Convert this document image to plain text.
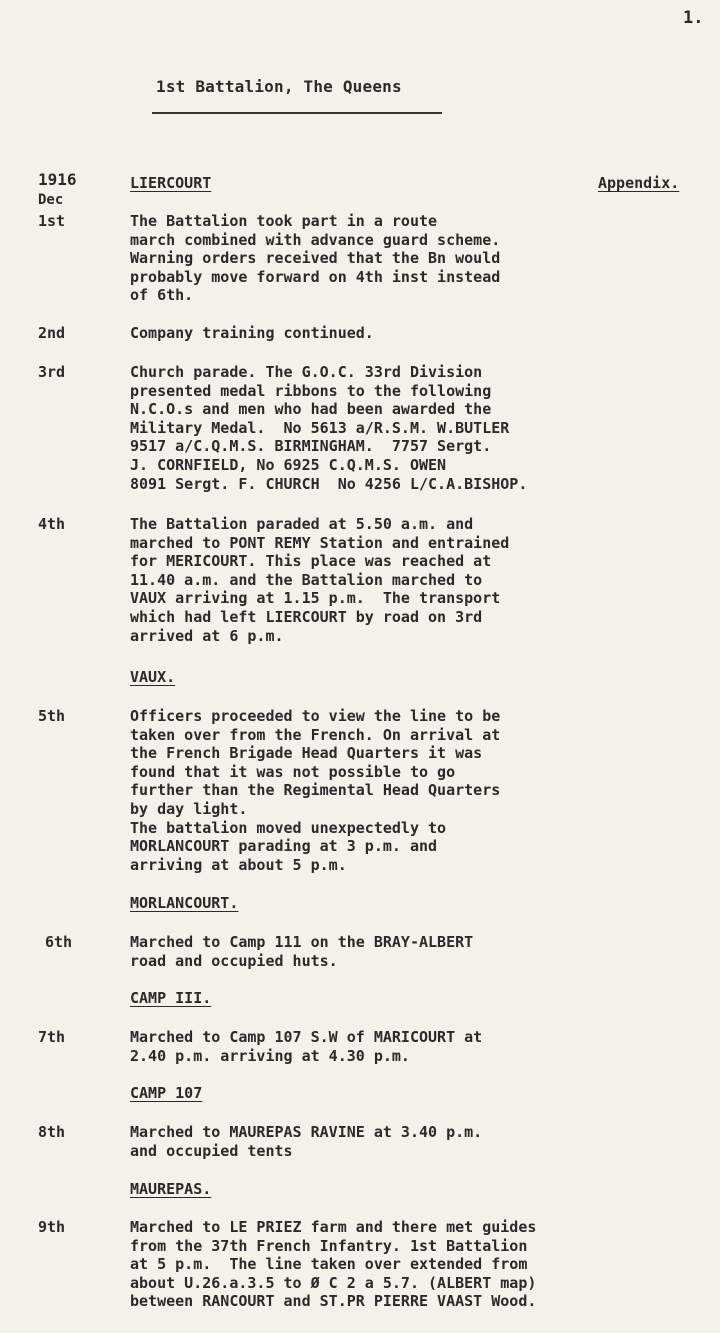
1.
1st Battalion, The Queens
1916
Dec
LIERCOURT	Appendix.
1st	The Battalion took part in a route
march combined with advance guard scheme.
Warning orders received that the Bn would
probably move forward on 4th inst instead
of 6th.
2nd	Company training continued.
3rd	Church parade. The G.O.C. 33rd Division
presented medal ribbons to the following
N.C.O.s and men who had been awarded the
Military Medal.  No 5613 a/R.S.M. W.BUTLER
9517 a/C.Q.M.S. BIRMINGHAM.  7757 Sergt.
J. CORNFIELD, No 6925 C.Q.M.S. OWEN
8091 Sergt. F. CHURCH  No 4256 L/C.A.BISHOP.
4th	The Battalion paraded at 5.50 a.m. and
marched to PONT REMY Station and entrained
for MERICOURT. This place was reached at
11.40 a.m. and the Battalion marched to
VAUX arriving at 1.15 p.m.  The transport
which had left LIERCOURT by road on 3rd
arrived at 6 p.m.
VAUX.
5th	Officers proceeded to view the line to be
taken over from the French. On arrival at
the French Brigade Head Quarters it was
found that it was not possible to go
further than the Regimental Head Quarters
by day light.
The battalion moved unexpectedly to
MORLANCOURT parading at 3 p.m. and
arriving at about 5 p.m.
MORLANCOURT.
6th	Marched to Camp 111 on the BRAY-ALBERT
road and occupied huts.
CAMP III.
7th	Marched to Camp 107 S.W of MARICOURT at
2.40 p.m. arriving at 4.30 p.m.
CAMP 107
8th	Marched to MAUREPAS RAVINE at 3.40 p.m.
and occupied tents
MAUREPAS.
9th	Marched to LE PRIEZ farm and there met guides
from the 37th French Infantry. 1st Battalion
at 5 p.m.  The line taken over extended from
about U.26.a.3.5 to Ø C 2 a 5.7. (ALBERT map)
between RANCOURT and ST.PR PIERRE VAAST Wood.
